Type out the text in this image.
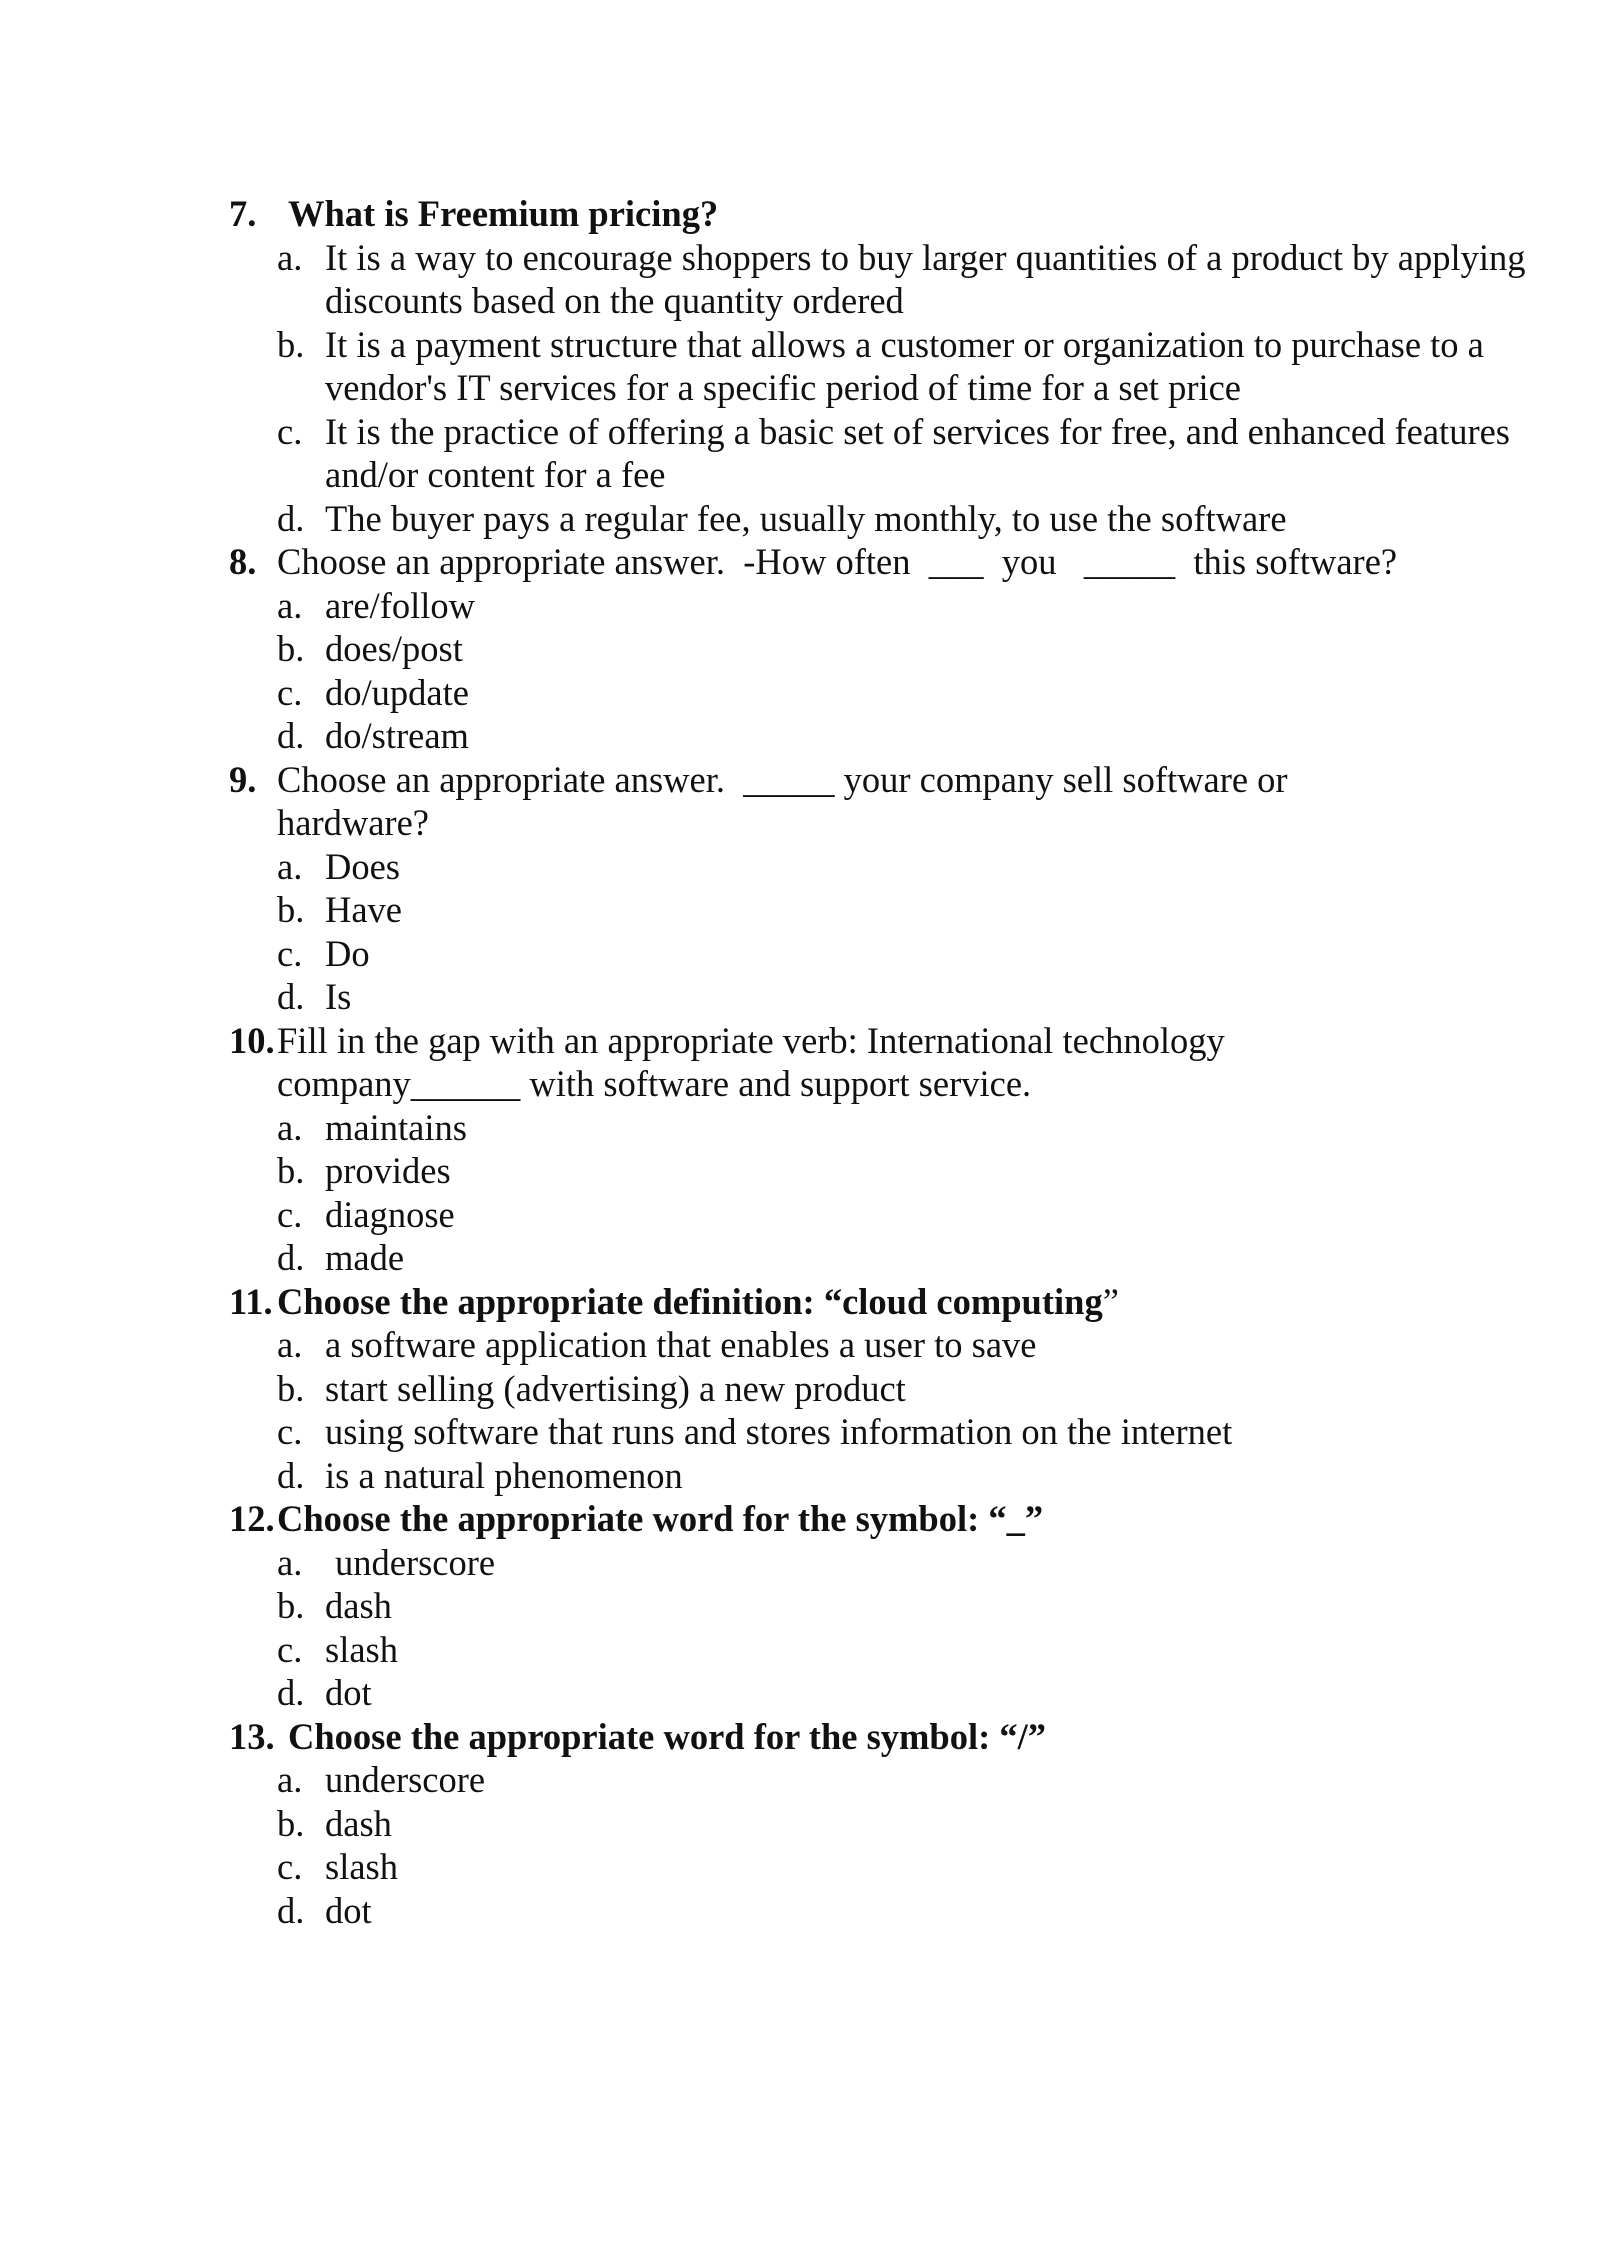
7. What is Freemium pricing?
a. It is a way to encourage shoppers to buy larger quantities of a product by applying discounts based on the quantity ordered
b. It is a payment structure that allows a customer or organization to purchase to a vendor's IT services for a specific period of time for a set price
c. It is the practice of offering a basic set of services for free, and enhanced features and/or content for a fee
d. The buyer pays a regular fee, usually monthly, to use the software
8. Choose an appropriate answer.  -How often  ___  you   _____  this software?
a. are/follow
b. does/post
c. do/update
d. do/stream
9. Choose an appropriate answer.  _____ your company sell software or hardware?
a. Does
b. Have
c. Do
d. Is
10. Fill in the gap with an appropriate verb: International technology company______ with software and support service.
a. maintains
b. provides
c. diagnose
d. made
11. Choose the appropriate definition: “cloud computing”
a. a software application that enables a user to save
b. start selling (advertising) a new product
c. using software that runs and stores information on the internet
d. is a natural phenomenon
12. Choose the appropriate word for the symbol: “_”
a. underscore
b. dash
c. slash
d. dot
13. Choose the appropriate word for the symbol: “/”
a. underscore
b. dash
c. slash
d. dot
